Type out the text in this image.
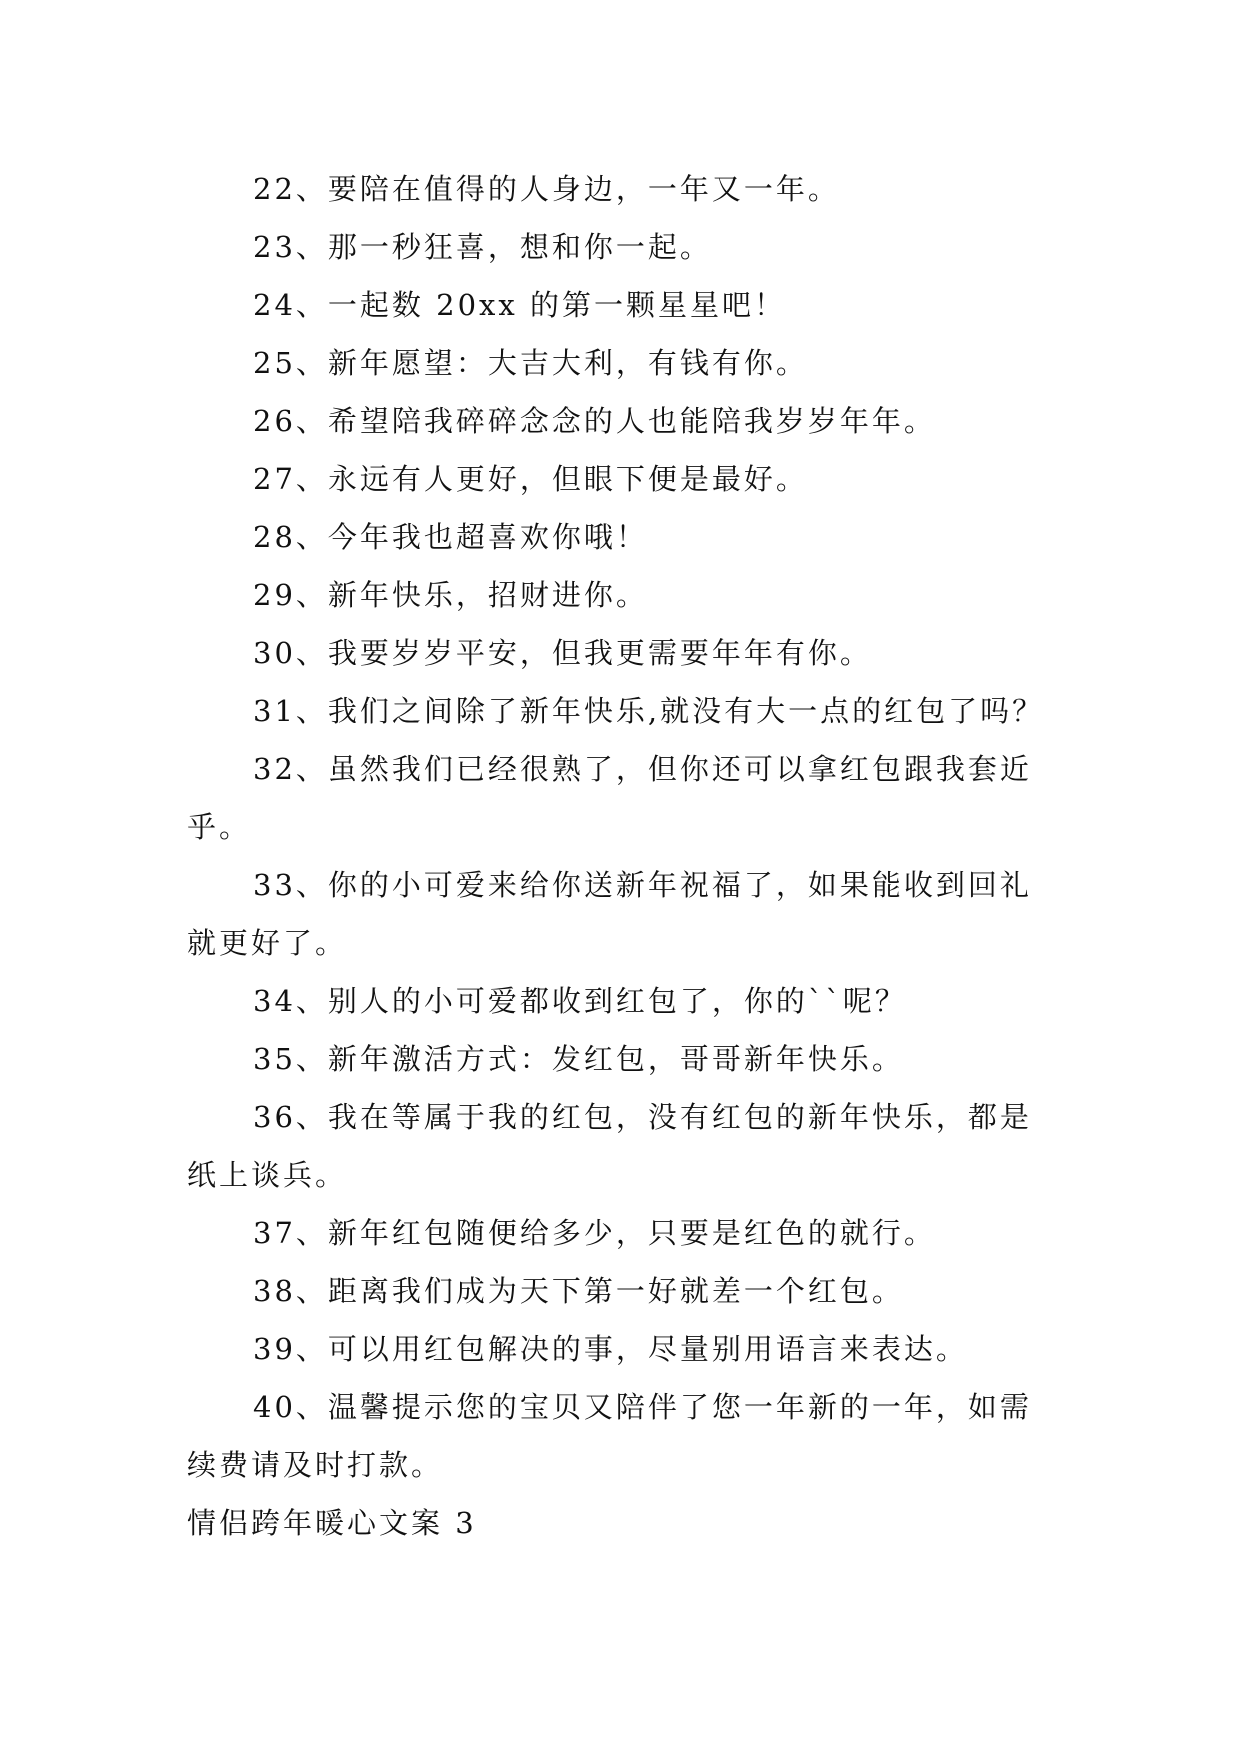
22、要陪在值得的人身边，一年又一年。

23、那一秒狂喜，想和你一起。

24、一起数 20xx 的第一颗星星吧！

25、新年愿望：大吉大利，有钱有你。

26、希望陪我碎碎念念的人也能陪我岁岁年年。

27、永远有人更好，但眼下便是最好。

28、今年我也超喜欢你哦！

29、新年快乐，招财进你。

30、我要岁岁平安，但我更需要年年有你。

31、我们之间除了新年快乐,就没有大一点的红包了吗？

32、虽然我们已经很熟了，但你还可以拿红包跟我套近乎。

33、你的小可爱来给你送新年祝福了，如果能收到回礼就更好了。

34、别人的小可爱都收到红包了，你的``呢？

35、新年激活方式：发红包，哥哥新年快乐。

36、我在等属于我的红包，没有红包的新年快乐，都是纸上谈兵。

37、新年红包随便给多少，只要是红色的就行。

38、距离我们成为天下第一好就差一个红包。

39、可以用红包解决的事，尽量别用语言来表达。

40、温馨提示您的宝贝又陪伴了您一年新的一年，如需续费请及时打款。

情侣跨年暖心文案 3
